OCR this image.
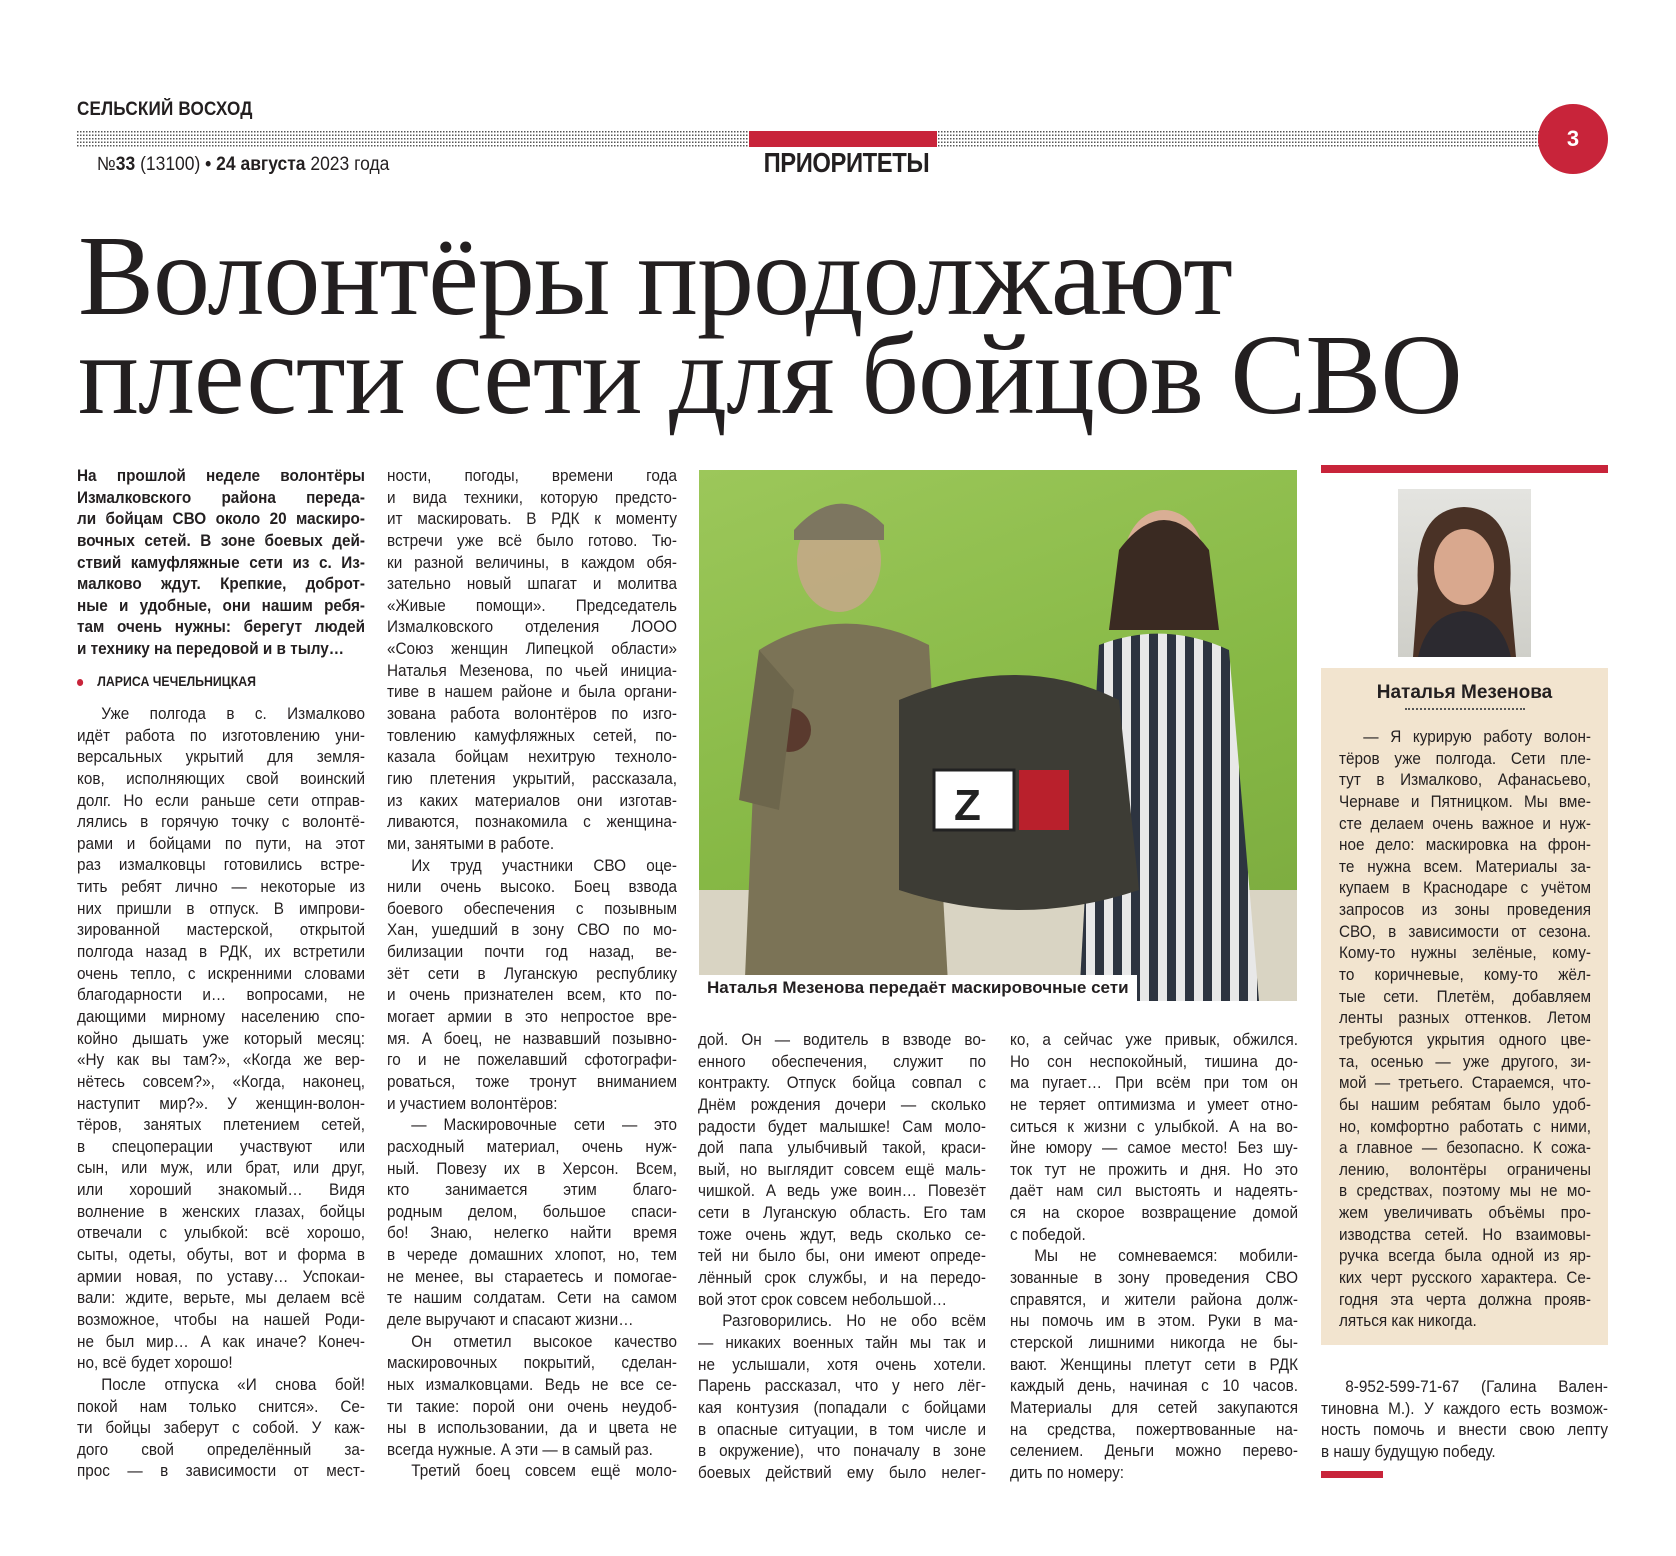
СЕЛЬСКИЙ ВОСХОД
ПРИОРИТЕТЫ
№33 (13100) • 24 августа 2023 года
3
Волонтёры продолжают
плести сети для бойцов СВО
На прошлой неделе волонтёры
Измалковского района переда-
ли бойцам СВО около 20 маскиро-
вочных сетей. В зоне боевых дей-
ствий камуфляжные сети из с. Из-
малково ждут. Крепкие, доброт-
ные и удобные, они нашим ребя-
там очень нужны: берегут людей
и технику на передовой и в тылу…
ЛАРИСА ЧЕЧЕЛЬНИЦКАЯ
Уже полгода в с. Измалково
идёт работа по изготовлению уни-
версальных укрытий для земля-
ков, исполняющих свой воинский
долг. Но если раньше сети отправ-
лялись в горячую точку с волонтё-
рами и бойцами по пути, на этот
раз измалковцы готовились встре-
тить ребят лично — некоторые из
них пришли в отпуск. В импрови-
зированной мастерской, открытой
полгода назад в РДК, их встретили
очень тепло, с искренними словами
благодарности и… вопросами, не
дающими мирному населению спо-
койно дышать уже который месяц:
«Ну как вы там?», «Когда же вер-
нётесь совсем?», «Когда, наконец,
наступит мир?». У женщин-волон-
тёров, занятых плетением сетей,
в спецоперации участвуют или
сын, или муж, или брат, или друг,
или хороший знакомый… Видя
волнение в женских глазах, бойцы
отвечали с улыбкой: всё хорошо,
сыты, одеты, обуты, вот и форма в
армии новая, по уставу… Успокаи-
вали: ждите, верьте, мы делаем всё
возможное, чтобы на нашей Роди-
не был мир… А как иначе? Конеч-
но, всё будет хорошо!
После отпуска «И снова бой!
покой нам только снится». Се-
ти бойцы заберут с собой. У каж-
дого свой определённый за-
прос — в зависимости от мест-
ности, погоды, времени года
и вида техники, которую предсто-
ит маскировать. В РДК к моменту
встречи уже всё было готово. Тю-
ки разной величины, в каждом обя-
зательно новый шпагат и молитва
«Живые помощи». Председатель
Измалковского отделения ЛООО
«Союз женщин Липецкой области»
Наталья Мезенова, по чьей инициа-
тиве в нашем районе и была органи-
зована работа волонтёров по изго-
товлению камуфляжных сетей, по-
казала бойцам нехитрую техноло-
гию плетения укрытий, рассказала,
из каких материалов они изготав-
ливаются, познакомила с женщина-
ми, занятыми в работе.
Их труд участники СВО оце-
нили очень высоко. Боец взвода
боевого обеспечения с позывным
Хан, ушедший в зону СВО по мо-
билизации почти год назад, ве-
зёт сети в Луганскую республику
и очень признателен всем, кто по-
могает армии в это непростое вре-
мя. А боец, не назвавший позывно-
го и не пожелавший сфотографи-
роваться, тоже тронут вниманием
и участием волонтёров:
— Маскировочные сети — это
расходный материал, очень нуж-
ный. Повезу их в Херсон. Всем,
кто занимается этим благо-
родным делом, большое спаси-
бо! Знаю, нелегко найти время
в череде домашних хлопот, но, тем
не менее, вы стараетесь и помогае-
те нашим солдатам. Сети на самом
деле выручают и спасают жизни…
Он отметил высокое качество
маскировочных покрытий, сделан-
ных измалковцами. Ведь не все се-
ти такие: порой они очень неудоб-
ны в использовании, да и цвета не
всегда нужные. А эти — в самый раз.
Третий боец совсем ещё моло-
дой. Он — водитель в взводе во-
енного обеспечения, служит по
контракту. Отпуск бойца совпал с
Днём рождения дочери — сколько
радости будет малышке! Сам моло-
дой папа улыбчивый такой, краси-
вый, но выглядит совсем ещё маль-
чишкой. А ведь уже воин… Повезёт
сети в Луганскую область. Его там
тоже очень ждут, ведь сколько се-
тей ни было бы, они имеют опреде-
лённый срок службы, и на передо-
вой этот срок совсем небольшой…
Разговорились. Но не обо всём
— никаких военных тайн мы так и
не услышали, хотя очень хотели.
Парень рассказал, что у него лёг-
кая контузия (попадали с бойцами
в опасные ситуации, в том числе и
в окружение), что поначалу в зоне
боевых действий ему было нелег-
ко, а сейчас уже привык, обжился.
Но сон неспокойный, тишина до-
ма пугает… При всём при том он
не теряет оптимизма и умеет отно-
ситься к жизни с улыбкой. А на во-
йне юмору — самое место! Без шу-
ток тут не прожить и дня. Но это
даёт нам сил выстоять и надеять-
ся на скорое возвращение домой
с победой.
Мы не сомневаемся: мобили-
зованные в зону проведения СВО
справятся, и жители района долж-
ны помочь им в этом. Руки в ма-
стерской лишними никогда не бы-
вают. Женщины плетут сети в РДК
каждый день, начиная с 10 часов.
Материалы для сетей закупаются
на средства, пожертвованные на-
селением. Деньги можно перево-
дить по номеру:
Z
Наталья Мезенова передаёт маскировочные сети
Наталья Мезенова
— Я курирую работу волон-
тёров уже полгода. Сети пле-
тут в Измалково, Афанасьево,
Чернаве и Пятницком. Мы вме-
сте делаем очень важное и нуж-
ное дело: маскировка на фрон-
те нужна всем. Материалы за-
купаем в Краснодаре с учётом
запросов из зоны проведения
СВО, в зависимости от сезона.
Кому-то нужны зелёные, кому-
то коричневые, кому-то жёл-
тые сети. Плетём, добавляем
ленты разных оттенков. Летом
требуются укрытия одного цве-
та, осенью — уже другого, зи-
мой — третьего. Стараемся, что-
бы нашим ребятам было удоб-
но, комфортно работать с ними,
а главное — безопасно. К сожа-
лению, волонтёры ограничены
в средствах, поэтому мы не мо-
жем увеличивать объёмы про-
изводства сетей. Но взаимовы-
ручка всегда была одной из яр-
ких черт русского характера. Се-
годня эта черта должна прояв-
ляться как никогда.
8-952-599-71-67 (Галина Вален-
тиновна М.). У каждого есть возмож-
ность помочь и внести свою лепту
в нашу будущую победу.
